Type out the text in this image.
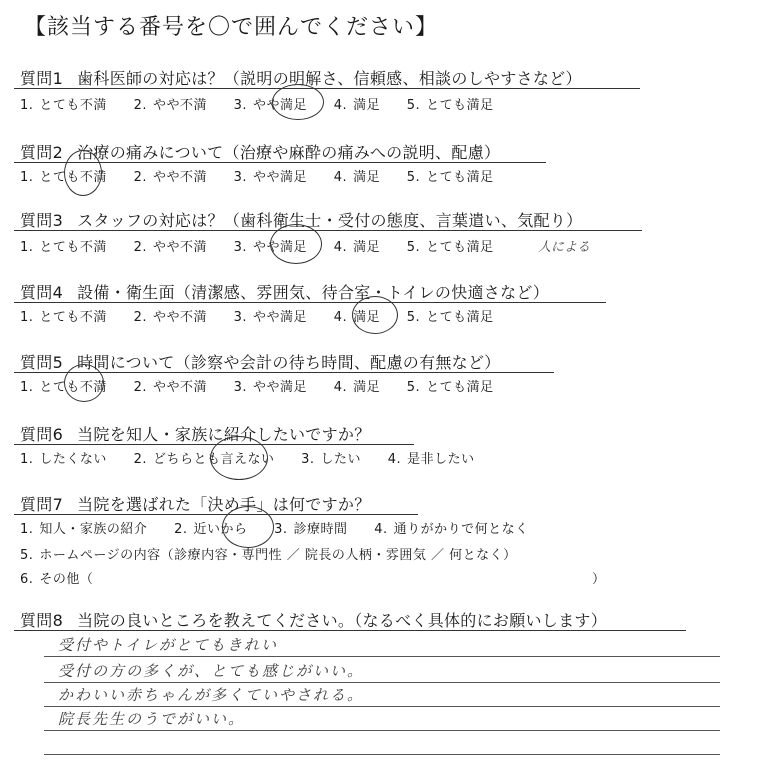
【該当する番号を〇で囲んでください】
質問1 歯科医師の対応は？（説明の明解さ、信頼感、相談のしやすさなど）
1. とても不満 2. やや不満 3. やや満足 4. 満足 5. とても満足
質問2 治療の痛みについて（治療や麻酔の痛みへの説明、配慮）
1. とても不満 2. やや不満 3. やや満足 4. 満足 5. とても満足
質問3 スタッフの対応は？（歯科衛生士・受付の態度、言葉遣い、気配り）
1. とても不満 2. やや不満 3. やや満足 4. 満足 5. とても満足	人による
質問4 設備・衛生面（清潔感、雰囲気、待合室・トイレの快適さなど）
1. とても不満 2. やや不満 3. やや満足 4. 満足 5. とても満足
質問5 時間について（診察や会計の待ち時間、配慮の有無など）
1. とても不満 2. やや不満 3. やや満足 4. 満足 5. とても満足
質問6 当院を知人・家族に紹介したいですか？
1. したくない 2. どちらとも言えない 3. したい 4. 是非したい
質問7 当院を選ばれた「決め手」は何ですか？
1. 知人・家族の紹介 2. 近いから 3. 診療時間 4. 通りがかりで何となく
5. ホームページの内容（診療内容・専門性 ／ 院長の人柄・雰囲気 ／ 何となく）
6. その他（	）
質問8 当院の良いところを教えてください。（なるべく具体的にお願いします）
受付やトイレがとてもきれい
受付の方の多くが、とても感じがいい。
かわいい赤ちゃんが多くていやされる。
院長先生のうでがいい。
